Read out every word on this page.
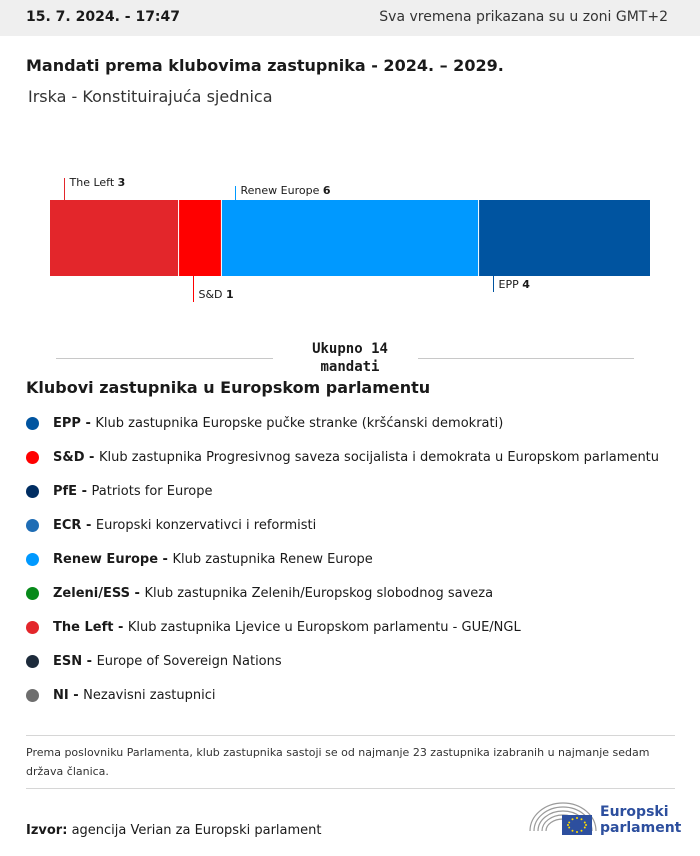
15. 7. 2024. - 17:47	Sva vremena prikazana su u zoni GMT+2
Mandati prema klubovima zastupnika - 2024. – 2029.
Irska - Konstituirajuća sjednica
The Left 3
S&D 1
Renew Europe 6
EPP 4
Ukupno 14
mandati
Klubovi zastupnika u Europskom parlamentu
EPP - Klub zastupnika Europske pučke stranke (kršćanski demokrati)
S&D - Klub zastupnika Progresivnog saveza socijalista i demokrata u Europskom parlamentu
PfE - Patriots for Europe
ECR - Europski konzervativci i reformisti
Renew Europe - Klub zastupnika Renew Europe
Zeleni/ESS - Klub zastupnika Zelenih/Europskog slobodnog saveza
The Left - Klub zastupnika Ljevice u Europskom parlamentu - GUE/NGL
ESN - Europe of Sovereign Nations
NI - Nezavisni zastupnici
Prema poslovniku Parlamenta, klub zastupnika sastoji se od najmanje 23 zastupnika izabranih u najmanje sedam država članica.
Izvor: agencija Verian za Europski parlament
Europski
parlament
